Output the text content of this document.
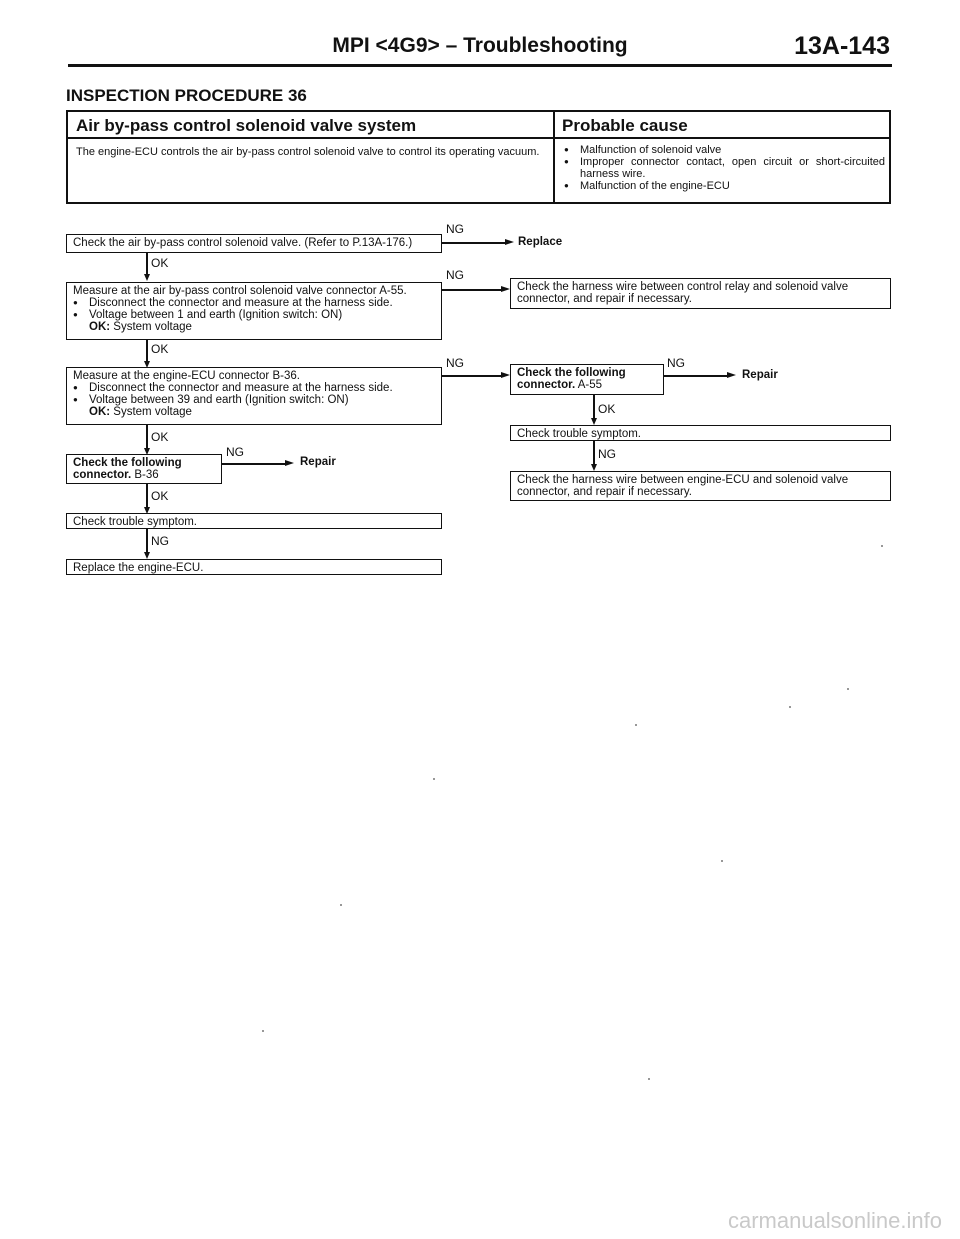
MPI <4G9> – Troubleshooting	13A-143
INSPECTION PROCEDURE 36
Air by-pass control solenoid valve system	Probable cause
The engine-ECU controls the air by-pass control solenoid valve to control its operating vacuum.
●	Malfunction of solenoid valve
● Improper connector contact, open circuit or short-circuited harness wire.
● Malfunction of the engine-ECU
Check the air by-pass control solenoid valve. (Refer to P.13A-176.)
NG
Replace
OK
Measure at the air by-pass control solenoid valve connector A-55.
● Disconnect the connector and measure at the harness side.
● Voltage between 1 and earth (Ignition switch: ON)
OK: System voltage
NG
Check the harness wire between control relay and solenoid valve connector, and repair if necessary.
OK
Measure at the engine-ECU connector B-36.
● Disconnect the connector and measure at the harness side.
● Voltage between 39 and earth (Ignition switch: ON)
OK: System voltage
NG
Check the following connector. A-55
NG
Repair
OK
Check trouble symptom.
NG
Check the harness wire between engine-ECU and solenoid valve connector, and repair if necessary.
OK
Check the following connector. B-36
NG
Repair
OK
Check trouble symptom.
NG
Replace the engine-ECU.
carmanualsonline.info
